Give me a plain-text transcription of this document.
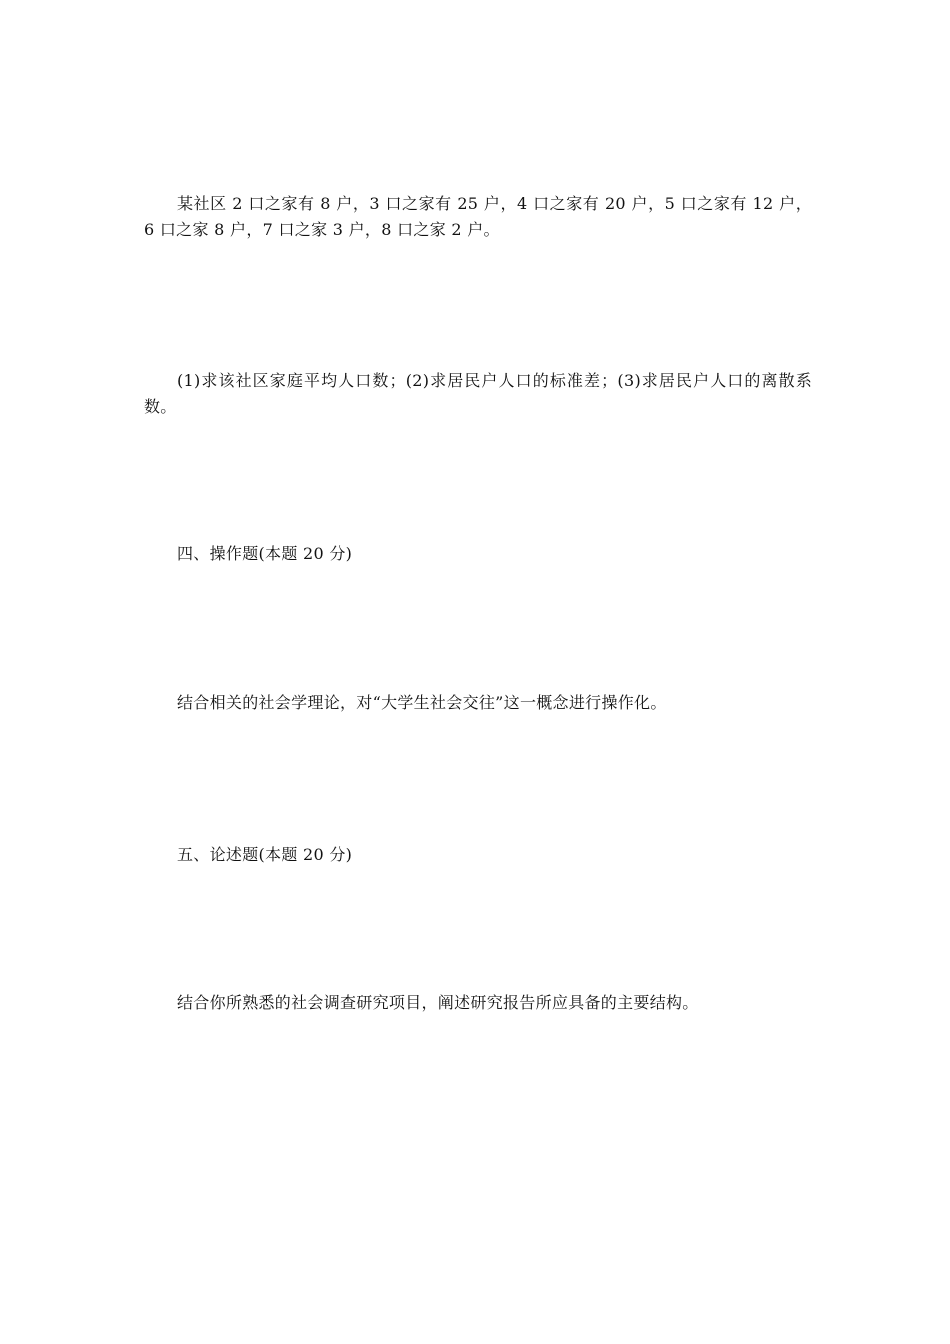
某社区 2 口之家有 8 户，3 口之家有 25 户，4 口之家有 20 户，5 口之家有 12 户，6 口之家 8 户，7 口之家 3 户，8 口之家 2 户。

(1)求该社区家庭平均人口数；(2)求居民户人口的标准差；(3)求居民户人口的离散系数。

四、操作题(本题 20 分)

结合相关的社会学理论，对“大学生社会交往”这一概念进行操作化。

五、论述题(本题 20 分)

结合你所熟悉的社会调查研究项目，阐述研究报告所应具备的主要结构。
